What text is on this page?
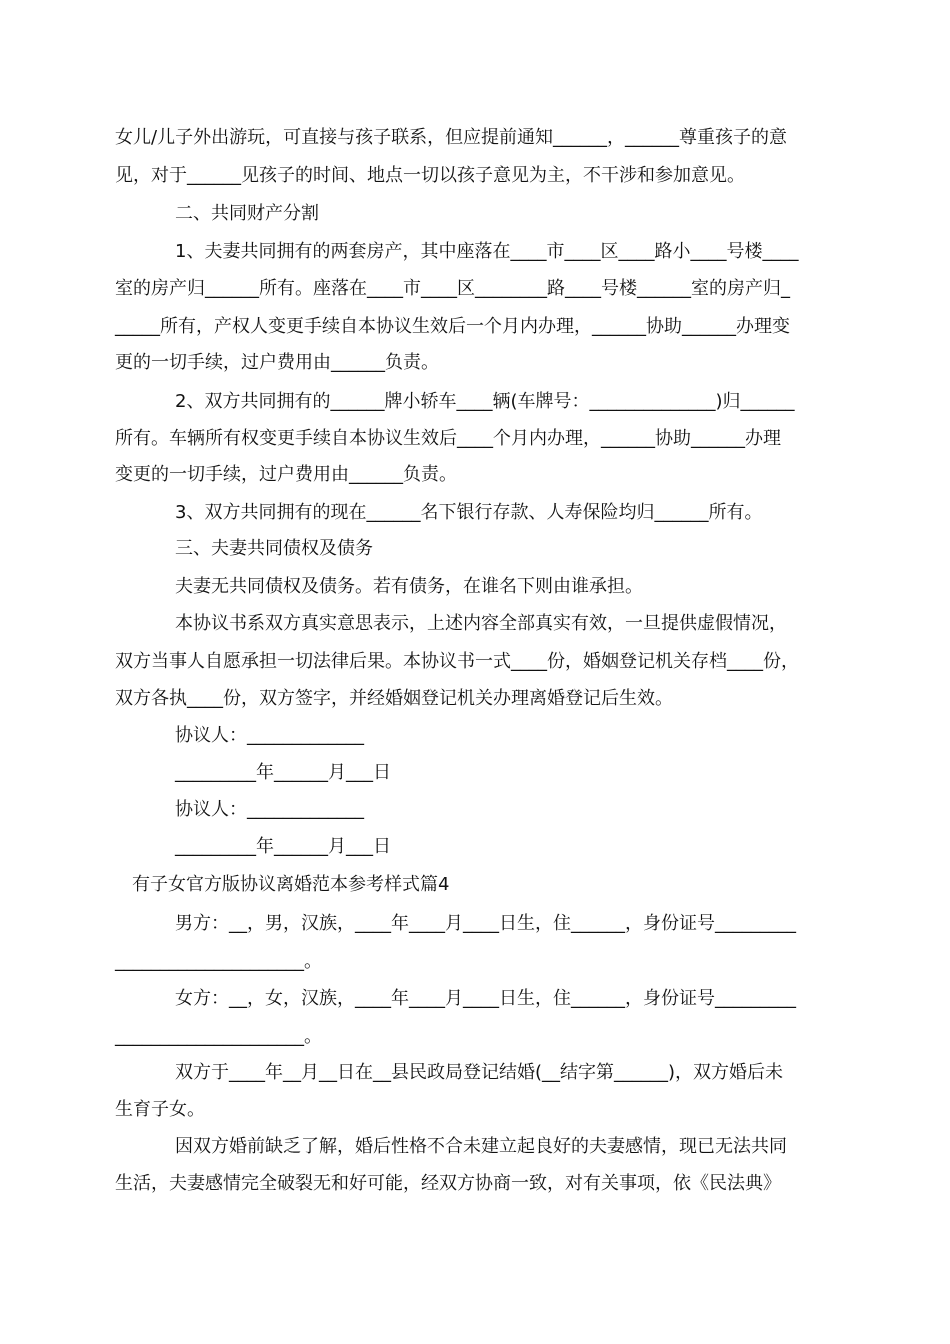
女儿/儿子外出游玩，可直接与孩子联系，但应提前通知______，______尊重孩子的意

见，对于______见孩子的时间、地点一切以孩子意见为主，不干涉和参加意见。

二、共同财产分割

1、夫妻共同拥有的两套房产，其中座落在____市____区____路小____号楼____

室的房产归______所有。座落在____市____区________路____号楼______室的房产归_

_____所有，产权人变更手续自本协议生效后一个月内办理，______协助______办理变

更的一切手续，过户费用由______负责。

2、双方共同拥有的______牌小轿车____辆(车牌号：______________)归______

所有。车辆所有权变更手续自本协议生效后____个月内办理，______协助______办理

变更的一切手续，过户费用由______负责。

3、双方共同拥有的现在______名下银行存款、人寿保险均归______所有。

三、夫妻共同债权及债务

夫妻无共同债权及债务。若有债务，在谁名下则由谁承担。

本协议书系双方真实意思表示，上述内容全部真实有效，一旦提供虚假情况，

双方当事人自愿承担一切法律后果。本协议书一式____份，婚姻登记机关存档____份，

双方各执____份，双方签字，并经婚姻登记机关办理离婚登记后生效。

协议人：_____________

_________年______月___日

协议人：_____________

_________年______月___日

有子女官方版协议离婚范本参考样式篇4

男方：__，男，汉族，____年____月____日生，住______，身份证号_________

_____________________。

女方：__，女，汉族，____年____月____日生，住______，身份证号_________

_____________________。

双方于____年__月__日在__县民政局登记结婚(__结字第______)，双方婚后未

生育子女。

因双方婚前缺乏了解，婚后性格不合未建立起良好的夫妻感情，现已无法共同

生活，夫妻感情完全破裂无和好可能，经双方协商一致，对有关事项，依《民法典》
